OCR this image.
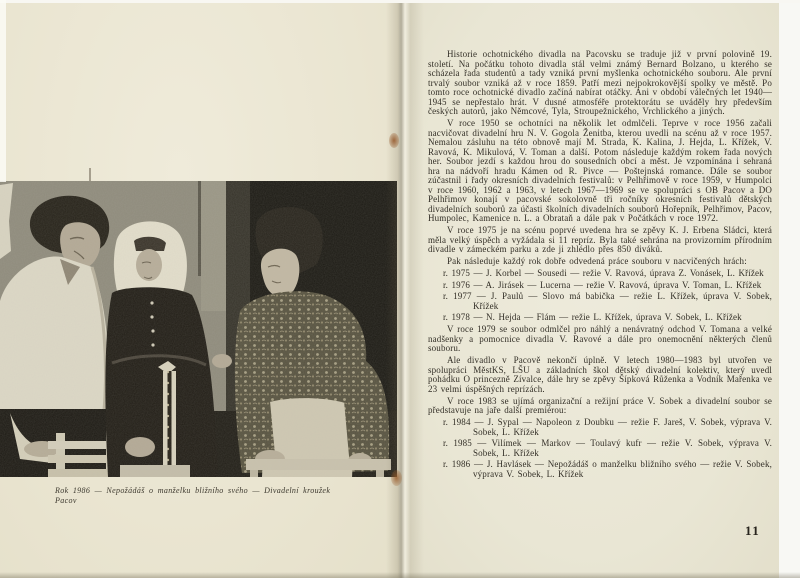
Rok 1986 — Nepožádáš o manželku bližního svého — Divadelní kroužek
Pacov

Historie ochotnického divadla na Pacovsku se traduje již v první polovině 19. století. Na počátku tohoto divadla stál velmi známý Bernard Bolzano, u kterého se scházela řada studentů a tady vzniká první myšlenka ochotnického souboru. Ale první trvalý soubor vzniká až v roce 1859. Patří mezi nejpokrokovější spolky ve městě. Po tomto roce ochotnické divadlo začíná nabírat otáčky. Ani v období válečných let 1940—1945 se nepřestalo hrát. V dusné atmosféře protektorátu se uváděly hry především českých autorů, jako Němcové, Tyla, Stroupežnického, Vrchlického a jiných.

V roce 1950 se ochotníci na několik let odmlčeli. Teprve v roce 1956 začali nacvičovat divadelní hru N. V. Gogola Ženitba, kterou uvedli na scénu až v roce 1957. Nemalou zásluhu na této obnově mají M. Strada, K. Kalina, J. Hejda, L. Křížek, V. Ravová, K. Mikulová, V. Toman a další. Potom následuje každým rokem řada nových her. Soubor jezdí s každou hrou do sousedních obcí a měst. Je vzpomínána i sehraná hra na nádvoří hradu Kámen od R. Pivce — Poštejnská romance. Dále se soubor zúčastnil i řady okresních divadelních festivalů: v Pelhřimově v roce 1959, v Humpolci v roce 1960, 1962 a 1963, v letech 1967—1969 se ve spolupráci s OB Pacov a DO Pelhřimov konají v pacovské sokolovně tři ročníky okresních festivalů dětských divadelních souborů za účasti školních divadelních souborů Hořepník, Pelhřimov, Pacov, Humpolec, Kamenice n. L. a Obrataň a dále pak v Počátkách v roce 1972.

V roce 1975 je na scénu poprvé uvedena hra se zpěvy K. J. Erbena Sládci, která měla velký úspěch a vyžádala si 11 repríz. Byla také sehrána na provizorním přírodním divadle v zámeckém parku a zde ji zhlédlo přes 850 diváků.

Pak následuje každý rok dobře odvedená práce souboru v nacvičených hrách:

r. 1975 — J. Korbel — Sousedi — režie V. Ravová, úprava Z. Vonásek, L. Křížek
r. 1976 — A. Jirásek — Lucerna — režie V. Ravová, úprava V. Toman, L. Křížek
r. 1977 — J. Paulů — Slovo má babička — režie L. Křížek, úprava V. Sobek, Křížek
r. 1978 — N. Hejda — Flám — režie L. Křížek, úprava V. Sobek, L. Křížek

V roce 1979 se soubor odmlčel pro náhlý a nenávratný odchod V. Tomana a velké nadšenky a pomocnice divadla V. Ravové a dále pro onemocnění některých členů souboru.

Ale divadlo v Pacově nekončí úplně. V letech 1980—1983 byl utvořen ve spolupráci MěstKS, LŠU a základních škol dětský divadelní kolektiv, který uvedl pohádku O princezně Zívalce, dále hry se zpěvy Šípková Růženka a Vodník Mařenka ve 23 velmi úspěšných reprízách.

V roce 1983 se ujímá organizační a režijní práce V. Sobek a divadelní soubor se představuje na jaře další premiérou:

r. 1984 — J. Sypal — Napoleon z Doubku — režie F. Jareš, V. Sobek, výprava V. Sobek, L. Křížek
r. 1985 — Vilímek — Markov — Toulavý kufr — režie V. Sobek, výprava V. Sobek, L. Křížek
r. 1986 — J. Havlásek — Nepožádáš o manželku bližního svého — režie V. Sobek, výprava V. Sobek, L. Křížek
11
